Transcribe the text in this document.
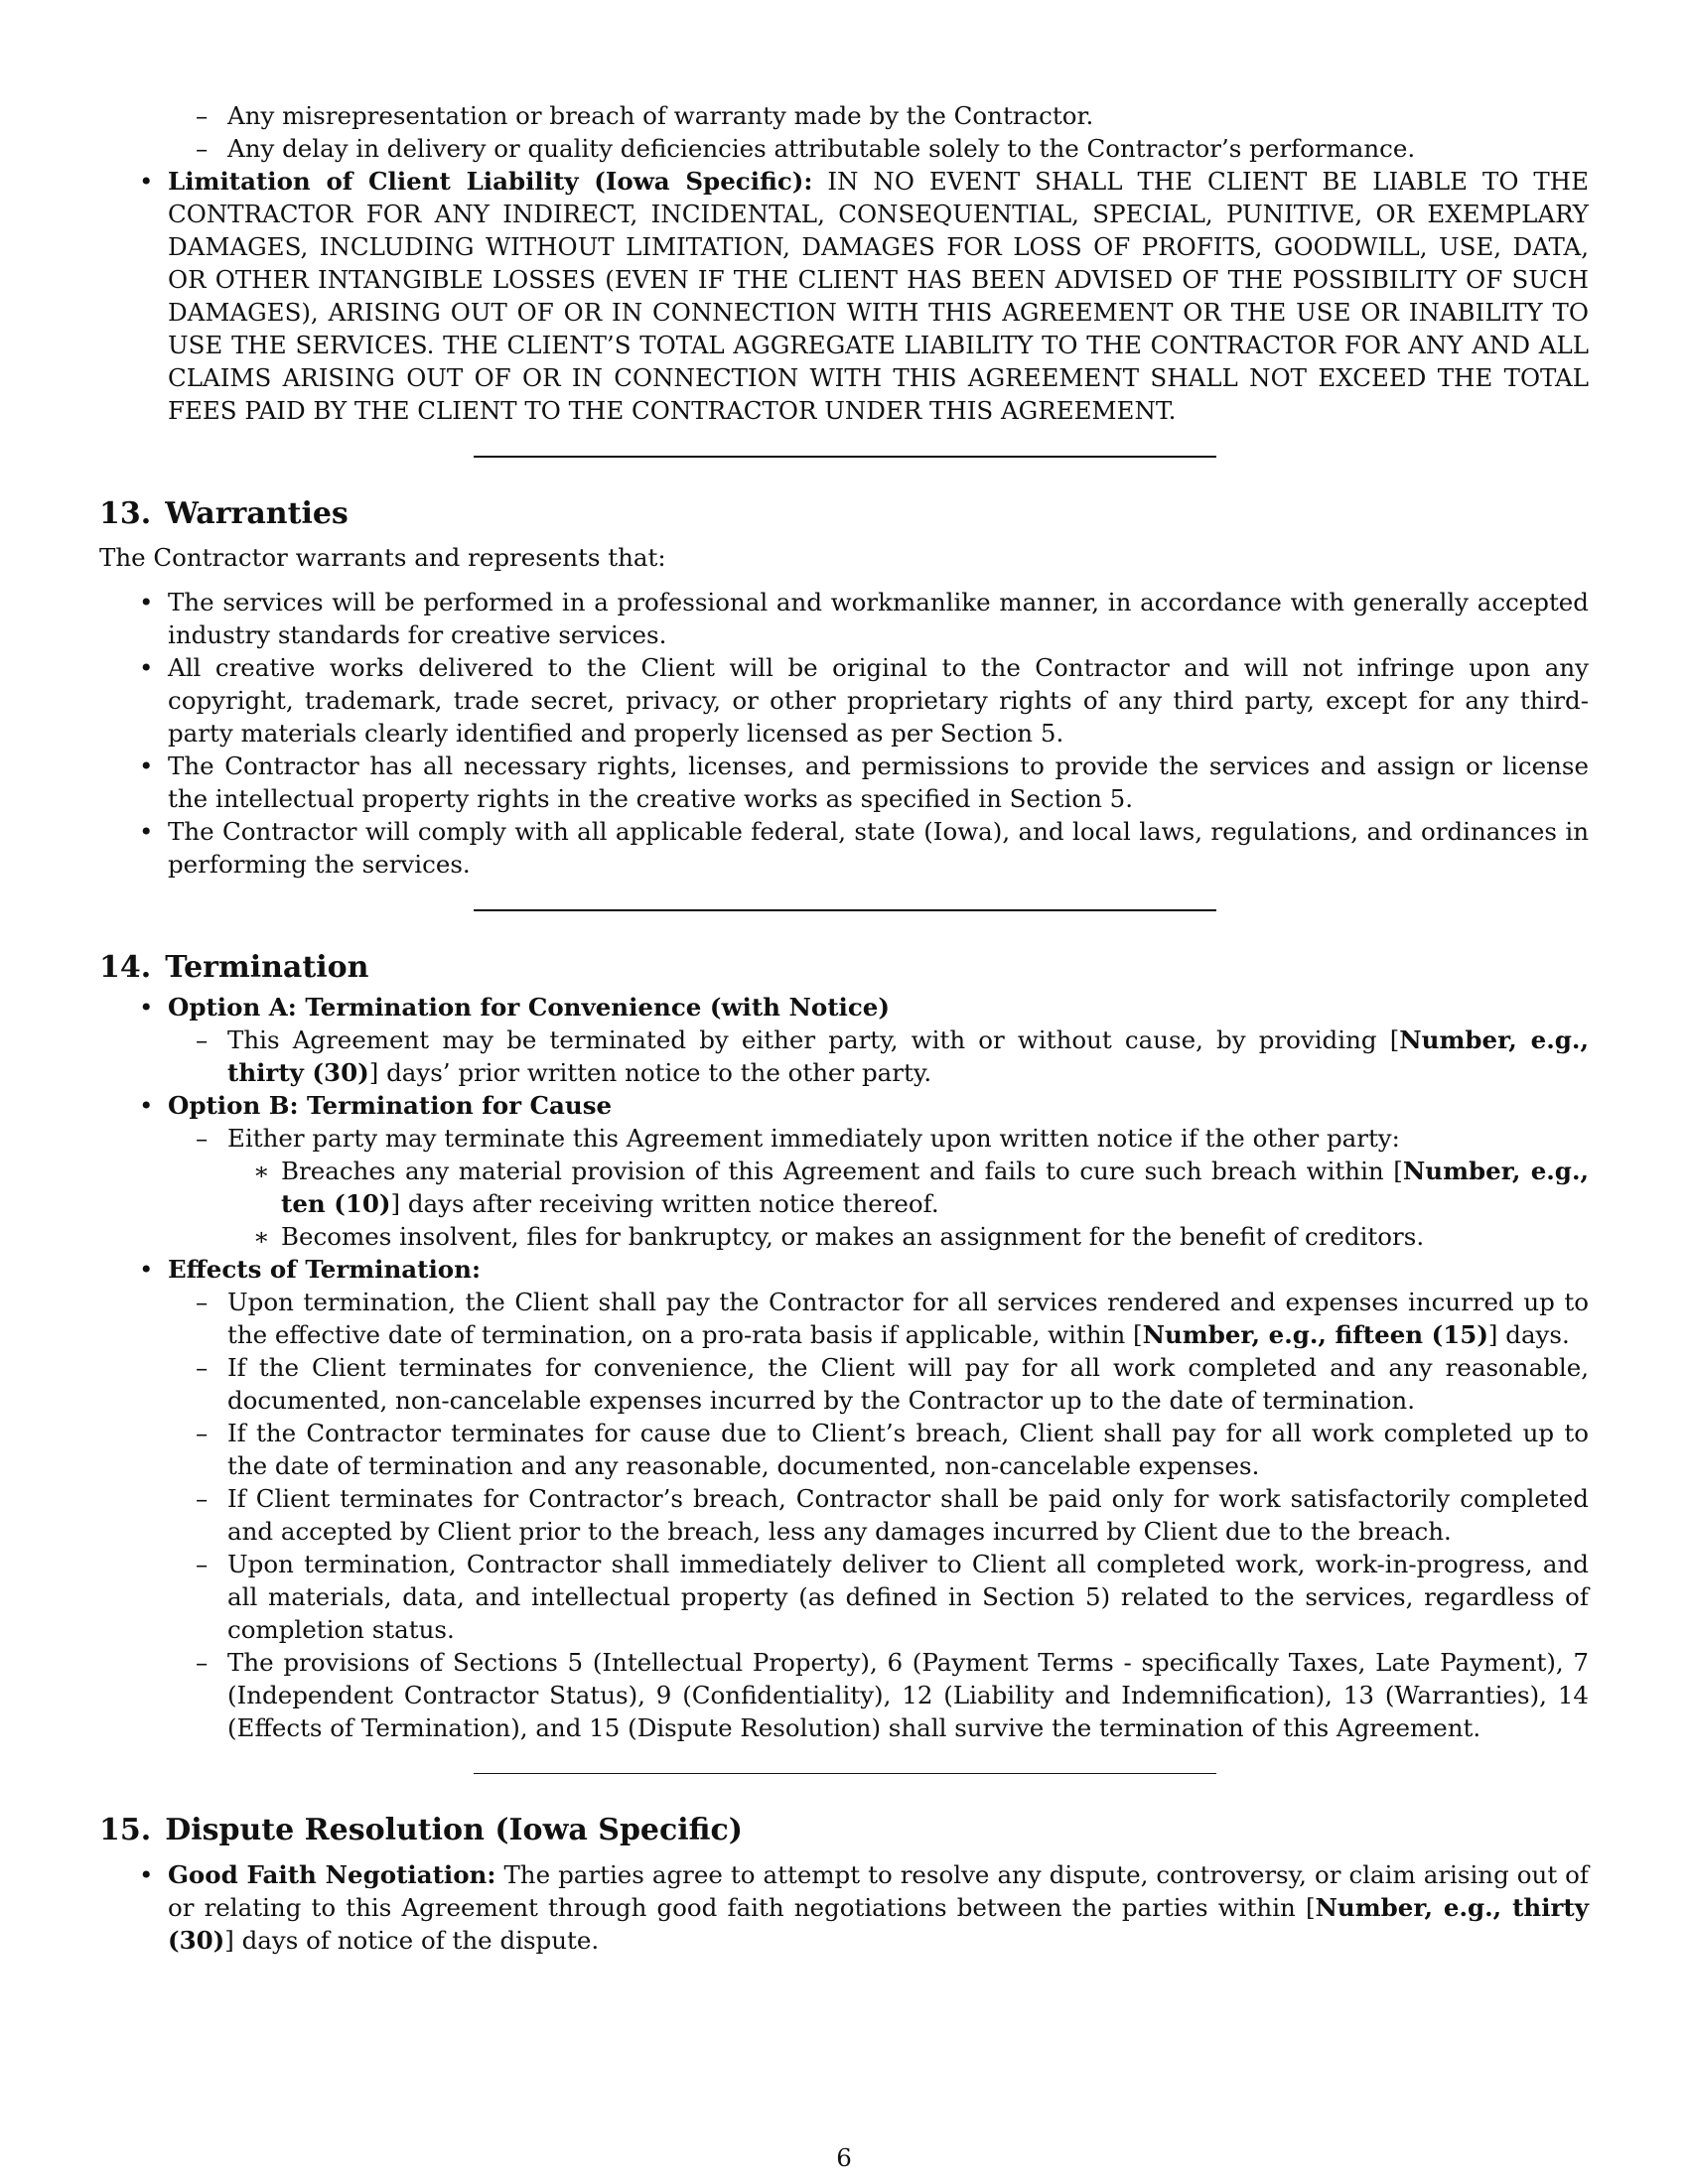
– Any misrepresentation or breach of warranty made by the Contractor.
– Any delay in delivery or quality deficiencies attributable solely to the Contractor’s performance.
• Limitation of Client Liability (Iowa Specific): IN NO EVENT SHALL THE CLIENT BE LIABLE TO THE CONTRACTOR FOR ANY INDIRECT, INCIDENTAL, CONSEQUENTIAL, SPECIAL, PUNITIVE, OR EXEMPLARY DAMAGES, INCLUDING WITHOUT LIMITATION, DAMAGES FOR LOSS OF PROFITS, GOODWILL, USE, DATA, OR OTHER INTANGIBLE LOSSES (EVEN IF THE CLIENT HAS BEEN ADVISED OF THE POSSIBILITY OF SUCH DAMAGES), ARISING OUT OF OR IN CONNECTION WITH THIS AGREEMENT OR THE USE OR INABILITY TO USE THE SERVICES. THE CLIENT’S TOTAL AGGREGATE LIABILITY TO THE CONTRACTOR FOR ANY AND ALL CLAIMS ARISING OUT OF OR IN CONNECTION WITH THIS AGREEMENT SHALL NOT EXCEED THE TOTAL FEES PAID BY THE CLIENT TO THE CONTRACTOR UNDER THIS AGREEMENT.
13. Warranties

The Contractor warrants and represents that:

• The services will be performed in a professional and workmanlike manner, in accordance with generally accepted industry standards for creative services.
• All creative works delivered to the Client will be original to the Contractor and will not infringe upon any copyright, trademark, trade secret, privacy, or other proprietary rights of any third party, except for any third-party materials clearly identified and properly licensed as per Section 5.
• The Contractor has all necessary rights, licenses, and permissions to provide the services and assign or license the intellectual property rights in the creative works as specified in Section 5.
• The Contractor will comply with all applicable federal, state (Iowa), and local laws, regulations, and ordinances in performing the services.
14. Termination
• Option A: Termination for Convenience (with Notice)
– This Agreement may be terminated by either party, with or without cause, by providing [Number, e.g., thirty (30)] days’ prior written notice to the other party.
• Option B: Termination for Cause
– Either party may terminate this Agreement immediately upon written notice if the other party:
∗ Breaches any material provision of this Agreement and fails to cure such breach within [Number, e.g., ten (10)] days after receiving written notice thereof.
∗ Becomes insolvent, files for bankruptcy, or makes an assignment for the benefit of creditors.
• Effects of Termination:
– Upon termination, the Client shall pay the Contractor for all services rendered and expenses incurred up to the effective date of termination, on a pro-rata basis if applicable, within [Number, e.g., fifteen (15)] days.
– If the Client terminates for convenience, the Client will pay for all work completed and any reasonable, documented, non-cancelable expenses incurred by the Contractor up to the date of termination.
– If the Contractor terminates for cause due to Client’s breach, Client shall pay for all work completed up to the date of termination and any reasonable, documented, non-cancelable expenses.
– If Client terminates for Contractor’s breach, Contractor shall be paid only for work satisfactorily completed and accepted by Client prior to the breach, less any damages incurred by Client due to the breach.
– Upon termination, Contractor shall immediately deliver to Client all completed work, work-in-progress, and all materials, data, and intellectual property (as defined in Section 5) related to the services, regardless of completion status.
– The provisions of Sections 5 (Intellectual Property), 6 (Payment Terms - specifically Taxes, Late Payment), 7 (Independent Contractor Status), 9 (Confidentiality), 12 (Liability and Indemnification), 13 (Warranties), 14 (Effects of Termination), and 15 (Dispute Resolution) shall survive the termination of this Agreement.
15. Dispute Resolution (Iowa Specific)
• Good Faith Negotiation: The parties agree to attempt to resolve any dispute, controversy, or claim arising out of or relating to this Agreement through good faith negotiations between the parties within [Number, e.g., thirty (30)] days of notice of the dispute.
6
